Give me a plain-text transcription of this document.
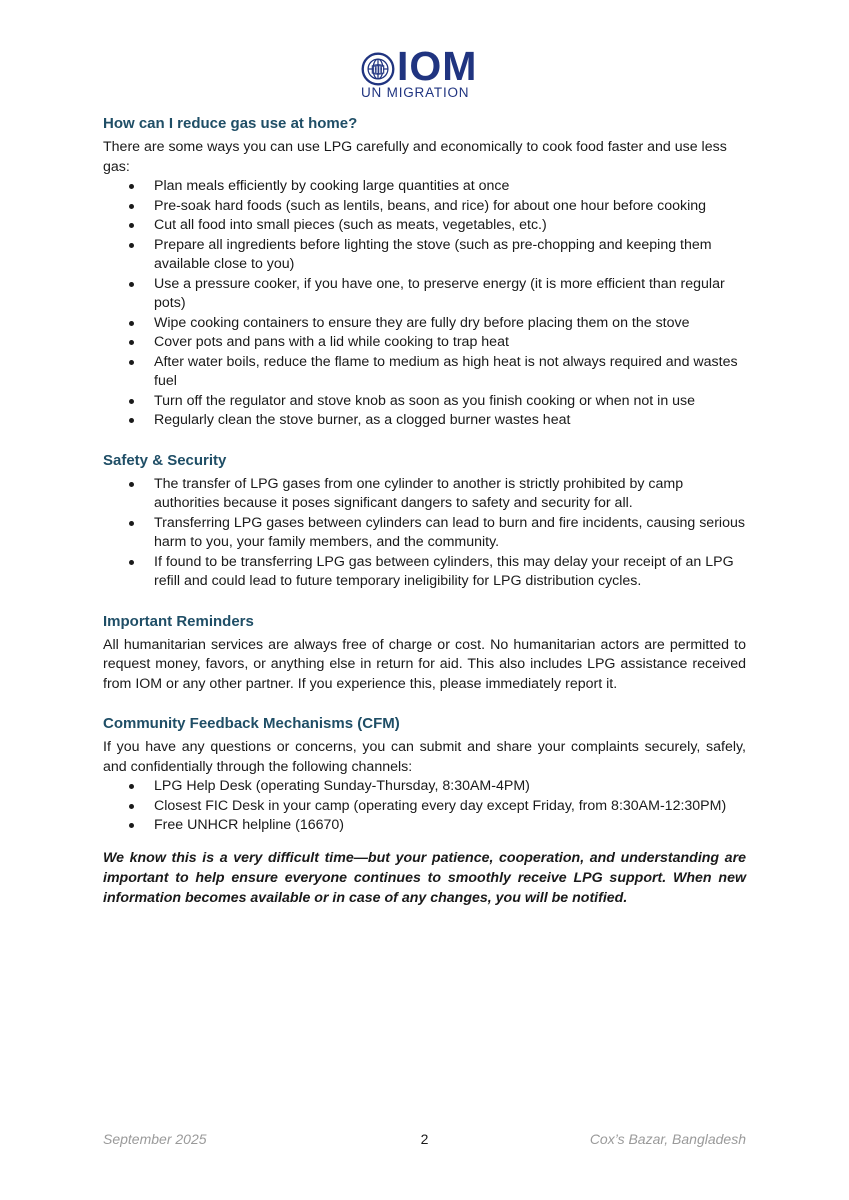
IOM
UN MIGRATION
How can I reduce gas use at home?

There are some ways you can use LPG carefully and economically to cook food faster and use less gas:

Plan meals efficiently by cooking large quantities at once
Pre-soak hard foods (such as lentils, beans, and rice) for about one hour before cooking
Cut all food into small pieces (such as meats, vegetables, etc.)
Prepare all ingredients before lighting the stove (such as pre-chopping and keeping them available close to you)
Use a pressure cooker, if you have one, to preserve energy (it is more efficient than regular pots)
Wipe cooking containers to ensure they are fully dry before placing them on the stove
Cover pots and pans with a lid while cooking to trap heat
After water boils, reduce the flame to medium as high heat is not always required and wastes fuel
Turn off the regulator and stove knob as soon as you finish cooking or when not in use
Regularly clean the stove burner, as a clogged burner wastes heat
Safety & Security
The transfer of LPG gases from one cylinder to another is strictly prohibited by camp authorities because it poses significant dangers to safety and security for all.
Transferring LPG gases between cylinders can lead to burn and fire incidents, causing serious harm to you, your family members, and the community.
If found to be transferring LPG gas between cylinders, this may delay your receipt of an LPG refill and could lead to future temporary ineligibility for LPG distribution cycles.
Important Reminders

All humanitarian services are always free of charge or cost. No humanitarian actors are permitted to request money, favors, or anything else in return for aid. This also includes LPG assistance received from IOM or any other partner. If you experience this, please immediately report it.

Community Feedback Mechanisms (CFM)

If you have any questions or concerns, you can submit and share your complaints securely, safely, and confidentially through the following channels:

LPG Help Desk (operating Sunday-Thursday, 8:30AM-4PM)
Closest FIC Desk in your camp (operating every day except Friday, from 8:30AM-12:30PM)
Free UNHCR helpline (16670)

We know this is a very difficult time—but your patience, cooperation, and understanding are important to help ensure everyone continues to smoothly receive LPG support. When new information becomes available or in case of any changes, you will be notified.

September 2025	2	Cox’s Bazar, Bangladesh
